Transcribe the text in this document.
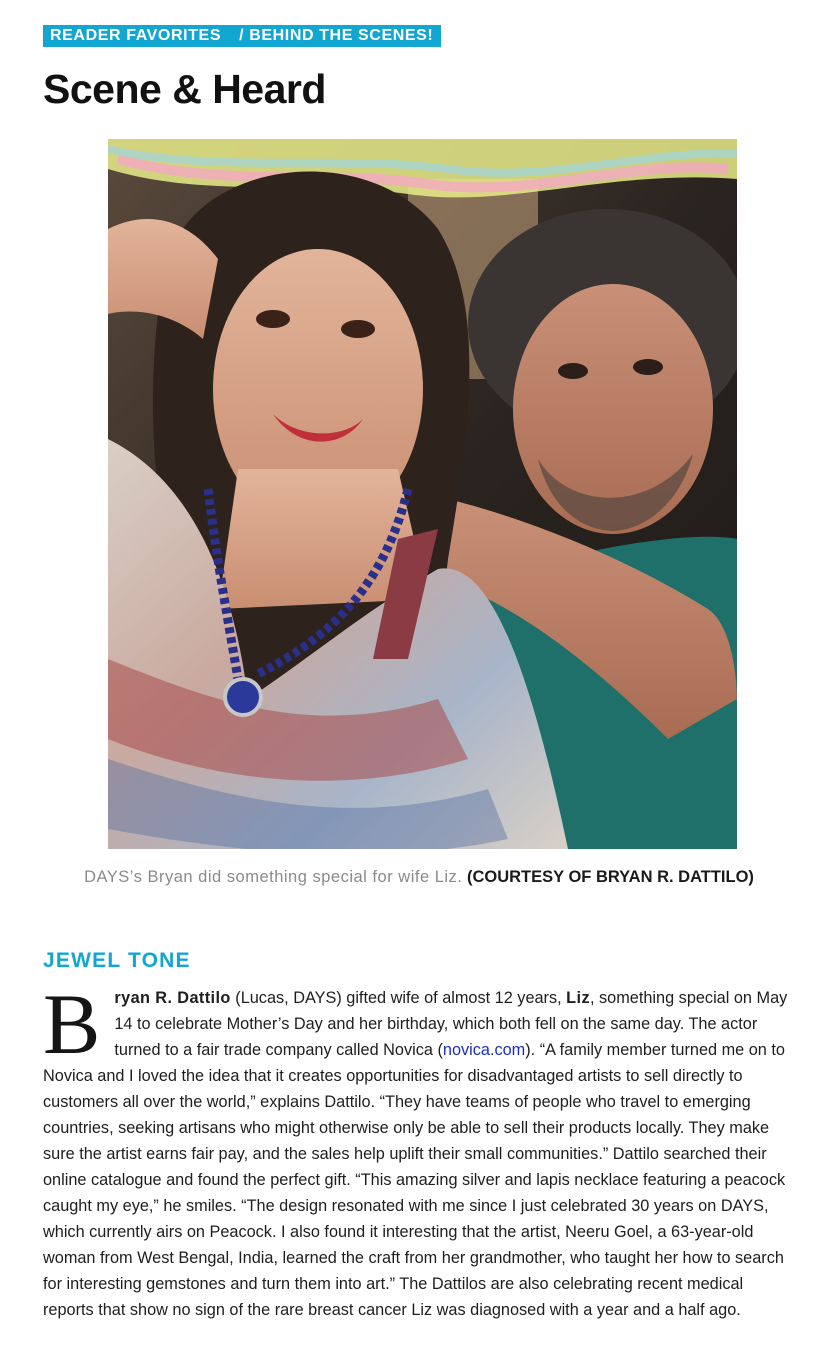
READER FAVORITES / BEHIND THE SCENES!
Scene & Heard
DAYS’s Bryan did something special for wife Liz. (COURTESY OF BRYAN R. DATTILO)
JEWEL TONE
B ryan R. Dattilo (Lucas, DAYS) gifted wife of almost 12 years, Liz, something special on May 14 to celebrate Mother’s Day and her birthday, which both fell on the same day. The actor turned to a fair trade company called Novica (novica.com). “A family member turned me on to Novica and I loved the idea that it creates opportunities for disadvantaged artists to sell directly to customers all over the world,” explains Dattilo. “They have teams of people who travel to emerging countries, seeking artisans who might otherwise only be able to sell their products locally. They make sure the artist earns fair pay, and the sales help uplift their small communities.” Dattilo searched their online catalogue and found the perfect gift. “This amazing silver and lapis necklace featuring a peacock caught my eye,” he smiles. “The design resonated with me since I just celebrated 30 years on DAYS, which currently airs on Peacock. I also found it interesting that the artist, Neeru Goel, a 63-year-old woman from West Bengal, India, learned the craft from her grandmother, who taught her how to search for interesting gemstones and turn them into art.” The Dattilos are also celebrating recent medical reports that show no sign of the rare breast cancer Liz was diagnosed with a year and a half ago.
